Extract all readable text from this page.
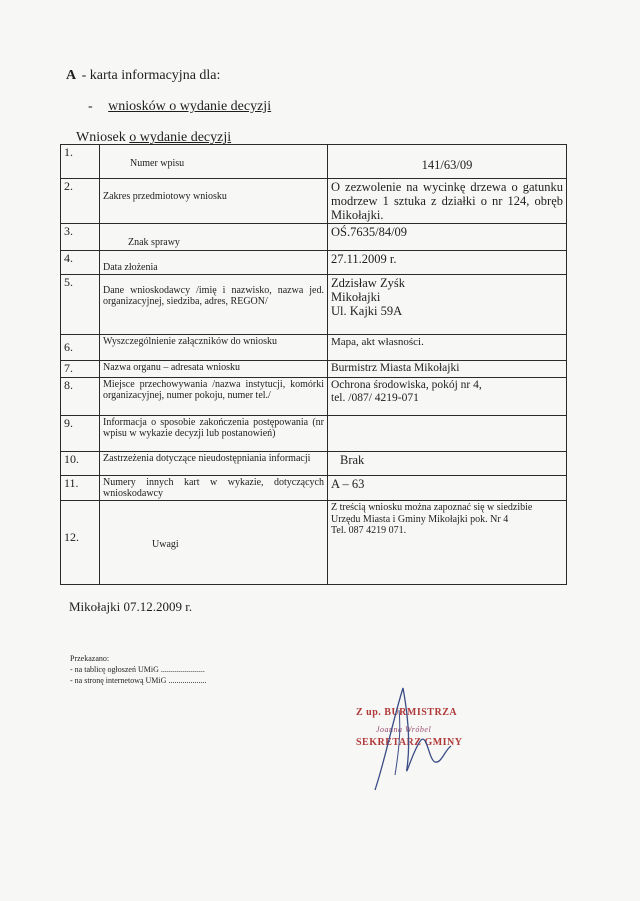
A - karta informacyjna dla:
- wniosków o wydanie decyzji
Wniosek o wydanie decyzji
1.	Numer wpisu	141/63/09
2.	Zakres przedmiotowy wniosku	O zezwolenie na wycinkę drzewa o gatunku modrzew 1 sztuka z działki o nr 124, obręb Mikołajki.
3.	Znak sprawy	OŚ.7635/84/09
4.	Data złożenia	27.11.2009 r.
5.	Dane wnioskodawcy /imię i nazwisko, nazwa jed. organizacyjnej, siedziba, adres, REGON/	Zdzisław Zyśk
Mikołajki
Ul. Kajki 59A

6.	Wyszczególnienie załączników do wniosku	Mapa, akt własności.
7.	Nazwa organu – adresata wniosku	Burmistrz Miasta Mikołajki
8.	Miejsce przechowywania /nazwa instytucji, komórki organizacyjnej, numer pokoju, numer tel./	Ochrona środowiska, pokój nr 4,
tel. /087/ 4219-071

9.	Informacja o sposobie zakończenia postępowania (nr wpisu w wykazie decyzji lub postanowień)	
10.	Zastrzeżenia dotyczące nieudostępniania informacji	Brak
11.	Numery innych kart w wykazie, dotyczących wnioskodawcy	A – 63
12.	Uwagi	Z treścią wniosku można zapoznać się w siedzibie Urzędu Miasta i Gminy Mikołajki pok. Nr 4
Tel. 087 4219 071.
Mikołajki 07.12.2009 r.
Przekazano:
- na tablicę ogłoszeń UMiG ......................
- na stronę internetową UMiG ...................
Z up. BURMISTRZA
Joanna Wróbel
SEKRETARZ GMINY
